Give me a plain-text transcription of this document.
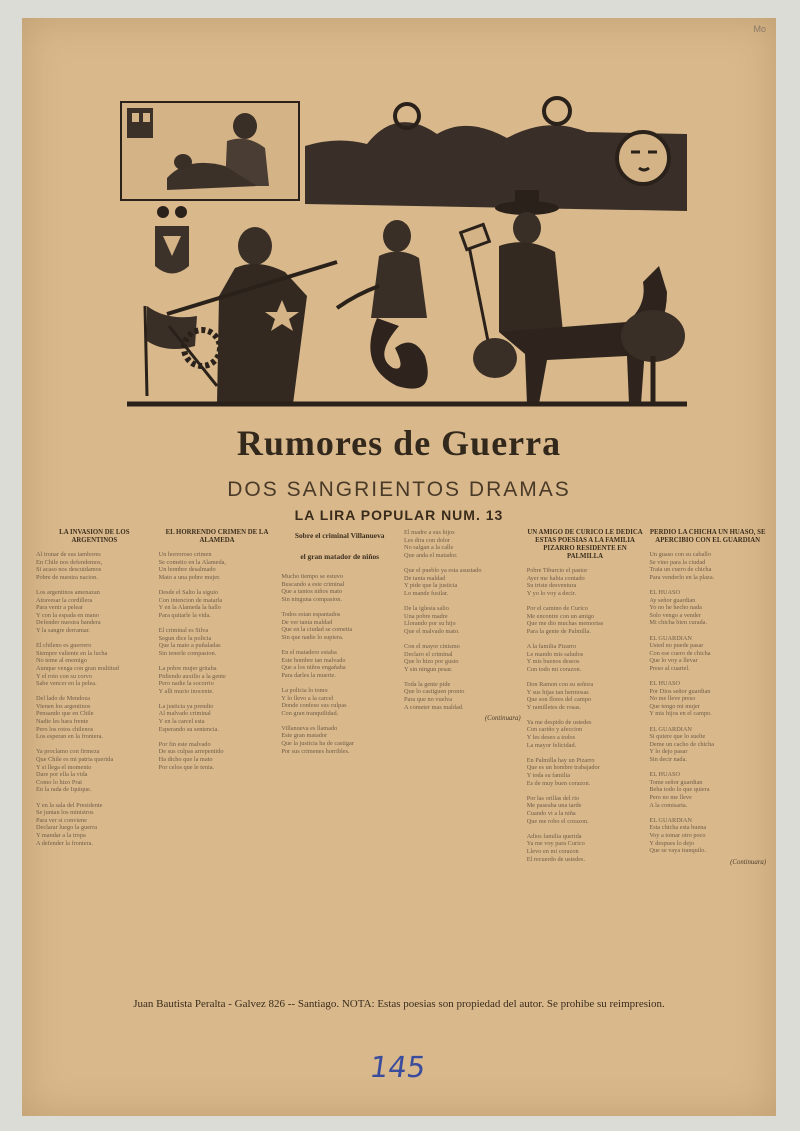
Mo
Rumores de Guerra
DOS SANGRIENTOS DRAMAS
LA LIRA POPULAR NUM. 13
LA INVASION DE LOS ARGENTINOS
Al tronar de sus tambores
En Chile nos defendemos,
Si acaso nos descuidamos
Pobre de nuestra nacion.

Los argentinos amenazan
Atravesar la cordillera
Para venir a pelear
Y con la espada en mano
Defender nuestra bandera
Y la sangre derramar.

El chileno es guerrero
Siempre valiente en la lucha
No teme al enemigo
Aunque venga con gran multitud
Y el roto con su corvo
Sabe vencer en la pelea.

Del lado de Mendoza
Vienen los argentinos
Pensando que en Chile
Nadie les hara frente
Pero los rotos chilenos
Los esperan en la frontera.

Ya proclamo con firmeza
Que Chile es mi patria querida
Y si llega el momento
Dare por ella la vida
Como lo hizo Prat
En la rada de Iquique.

Y en la sala del Presidente
Se juntan los ministros
Para ver si conviene
Declarar luego la guerra
Y mandar a la tropa
A defender la frontera.
EL HORRENDO CRIMEN DE LA ALAMEDA
Un horroroso crimen
Se cometio en la Alameda,
Un hombre desalmado
Mato a una pobre mujer.

Desde el Salto la siguio
Con intencion de matarla
Y en la Alameda la hallo
Para quitarle la vida.

El criminal es Silva
Segun dice la policia
Que la mato a puñaladas
Sin tenerle compasion.

La pobre mujer gritaba
Pidiendo auxilio a la gente
Pero nadie la socorrio
Y alli murio inocente.

La justicia ya prendio
Al malvado criminal
Y en la carcel esta
Esperando su sentencia.

Por fin este malvado
De sus culpas arrepentido
Ha dicho que la mato
Por celos que le tenia.
Sobre el criminal Villanueva
el gran matador de niños
Mucho tiempo se estuvo
Buscando a este criminal
Que a tantos niños mato
Sin ninguna compasion.

Todos estan espantados
De ver tanta maldad
Que en la ciudad se cometia
Sin que nadie lo supiera.

En el matadero estaba
Este hombre tan malvado
Que a los niños engañaba
Para darles la muerte.

La policia lo tomo
Y lo llevo a la carcel
Donde confeso sus culpas
Con gran tranquilidad.

Villanueva es llamado
Este gran matador
Que la justicia ha de castigar
Por sus crimenes horribles.
El madre a sus hijos
Les dira con dolor
No salgan a la calle
Que anda el matador.

Que el pueblo ya esta asustado
De tanta maldad
Y pide que la justicia
Lo mande fusilar.

De la iglesia salio
Una pobre madre
Llorando por su hijo
Que el malvado mato.

Con el mayor cinismo
Declaro el criminal
Que lo hizo por gusto
Y sin ningun pesar.

Toda la gente pide
Que lo castiguen pronto
Para que no vuelva
A cometer mas maldad.
(Continuara)
UN AMIGO DE CURICO LE DEDICA ESTAS POESIAS A LA FAMILIA PIZARRO RESIDENTE EN PALMILLA
Pobre Tiburcio el pastor
Ayer me habia contado
Su triste desventura
Y yo lo voy a decir.

Por el camino de Curico
Me encontre con un amigo
Que me dio muchas memorias
Para la gente de Palmilla.

A la familia Pizarro
Le mando mis saludos
Y mis buenos deseos
Con todo mi corazon.

Don Ramon con su señora
Y sus hijas tan hermosas
Que son flores del campo
Y ramilletes de rosas.

Ya me despido de ustedes
Con cariño y afeccion
Y les deseo a todos
La mayor felicidad.

En Palmilla hay un Pizarro
Que es un hombre trabajador
Y toda su familia
Es de muy buen corazon.

Por las orillas del rio
Me paseaba una tarde
Cuando vi a la niña
Que me robo el corazon.

Adios familia querida
Ya me voy para Curico
Llevo en mi corazon
El recuerdo de ustedes.
PERDIO LA CHICHA UN HUASO, SE APERCIBIO CON EL GUARDIAN
Un guaso con su caballo
Se vino para la ciudad
Traia un cuero de chicha
Para venderlo en la plaza.

EL HUASO
Ay señor guardian
Yo no he hecho nada
Solo vengo a vender
Mi chicha bien curada.

EL GUARDIAN
Usted no puede pasar
Con ese cuero de chicha
Que lo voy a llevar
Preso al cuartel.

EL HUASO
Por Dios señor guardian
No me lleve preso
Que tengo mi mujer
Y mis hijos en el campo.

EL GUARDIAN
Si quiere que lo suelte
Deme un cacho de chicha
Y lo dejo pasar
Sin decir nada.

EL HUASO
Tome señor guardian
Beba todo lo que quiera
Pero no me lleve
A la comisaria.

EL GUARDIAN
Esta chicha esta buena
Voy a tomar otro poco
Y despues lo dejo
Que se vaya tranquilo.
(Continuara)
Juan Bautista Peralta - Galvez 826 -- Santiago. NOTA: Estas poesias son propiedad del autor. Se prohibe su reimpresion.
145
